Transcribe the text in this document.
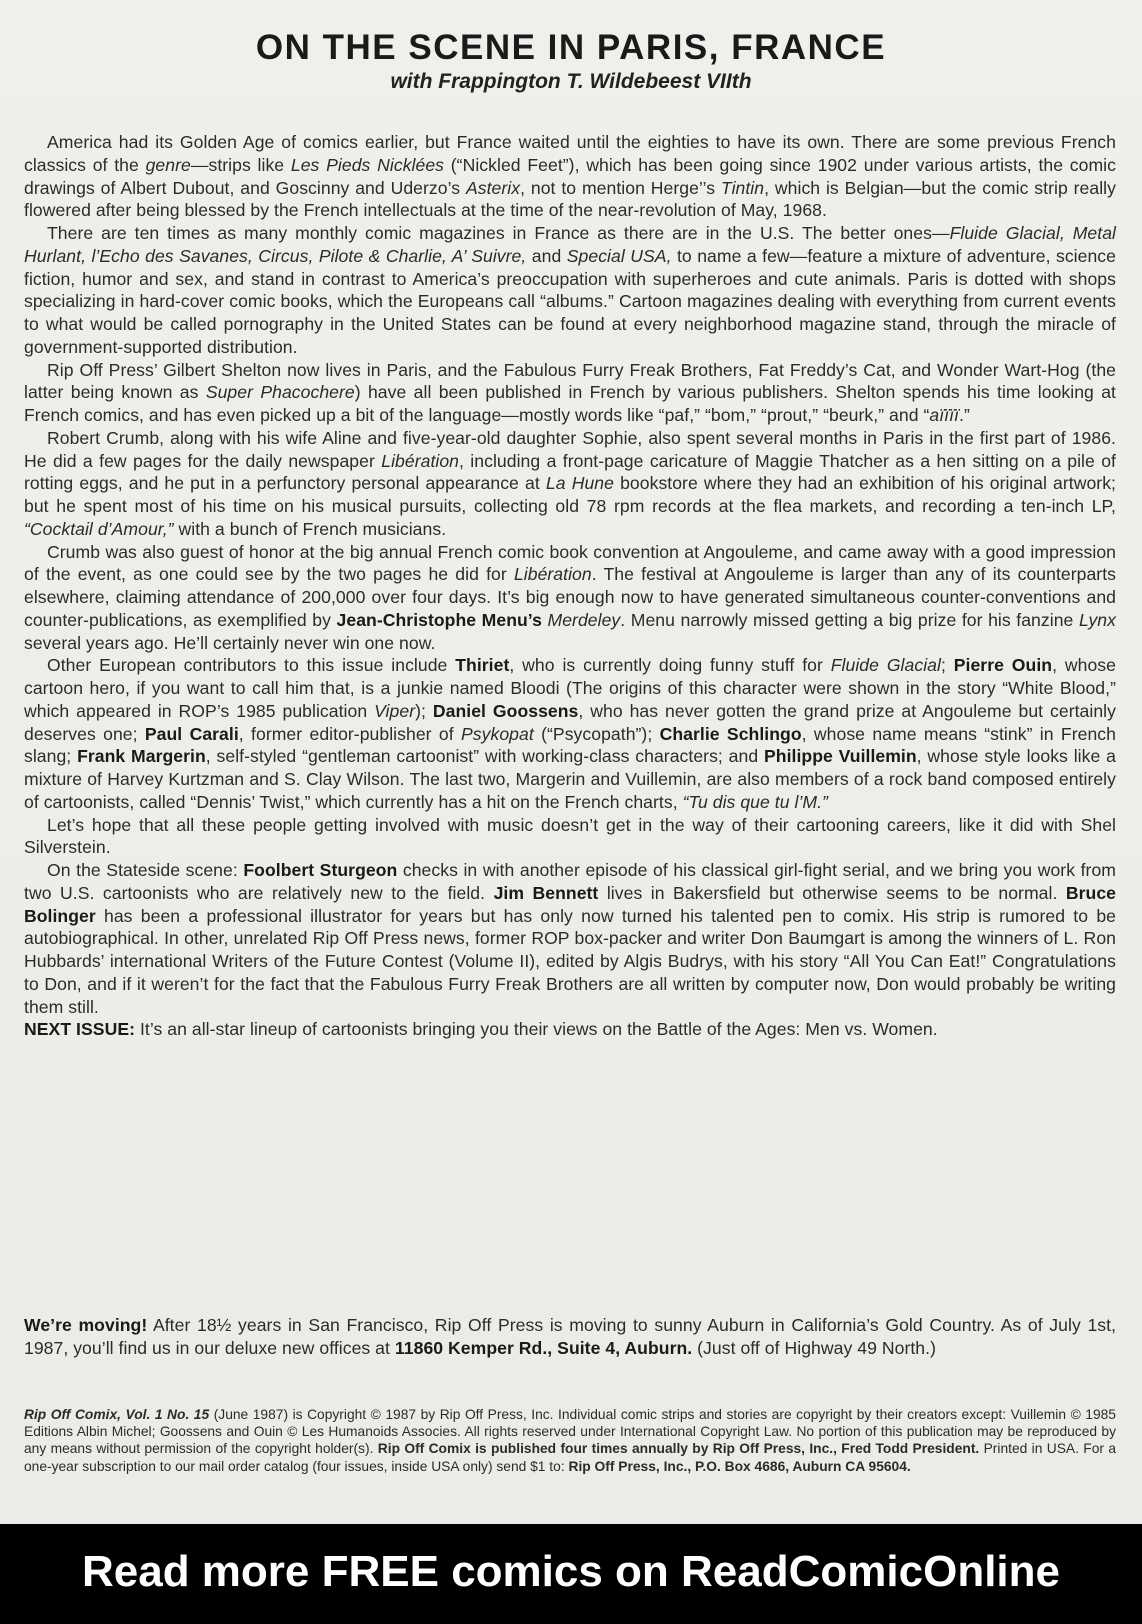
ON THE SCENE IN PARIS, FRANCE
with Frappington T. Wildebeest VIIth

America had its Golden Age of comics earlier, but France waited until the eighties to have its own. There are some previous French classics of the genre—strips like Les Pieds Nicklées (“Nickled Feet”), which has been going since 1902 under various artists, the comic drawings of Albert Dubout, and Goscinny and Uderzo’s Asterix, not to mention Herge’’s Tintin, which is Belgian—but the comic strip really flowered after being blessed by the French intellectuals at the time of the near-revolution of May, 1968.

There are ten times as many monthly comic magazines in France as there are in the U.S. The better ones—Fluide Glacial, Metal Hurlant, l’Echo des Savanes, Circus, Pilote & Charlie, A’ Suivre, and Special USA, to name a few—feature a mixture of adventure, science fiction, humor and sex, and stand in contrast to America’s preoccupation with superheroes and cute animals. Paris is dotted with shops specializing in hard-cover comic books, which the Europeans call “albums.” Cartoon magazines dealing with everything from current events to what would be called pornography in the United States can be found at every neighborhood magazine stand, through the miracle of government-supported distribution.

Rip Off Press’ Gilbert Shelton now lives in Paris, and the Fabulous Furry Freak Brothers, Fat Freddy’s Cat, and Wonder Wart-Hog (the latter being known as Super Phacochere) have all been published in French by various publishers. Shelton spends his time looking at French comics, and has even picked up a bit of the language—mostly words like “paf,” “bom,” “prout,” “beurk,” and “aïïïï.”

Robert Crumb, along with his wife Aline and five-year-old daughter Sophie, also spent several months in Paris in the first part of 1986. He did a few pages for the daily newspaper Libération, including a front-page caricature of Maggie Thatcher as a hen sitting on a pile of rotting eggs, and he put in a perfunctory personal appearance at La Hune bookstore where they had an exhibition of his original artwork; but he spent most of his time on his musical pursuits, collecting old 78 rpm records at the flea markets, and recording a ten-inch LP, “Cocktail d’Amour,” with a bunch of French musicians.

Crumb was also guest of honor at the big annual French comic book convention at Angouleme, and came away with a good impression of the event, as one could see by the two pages he did for Libération. The festival at Angouleme is larger than any of its counterparts elsewhere, claiming attendance of 200,000 over four days. It’s big enough now to have generated simultaneous counter-conventions and counter-publications, as exemplified by Jean-Christophe Menu’s Merdeley. Menu narrowly missed getting a big prize for his fanzine Lynx several years ago. He’ll certainly never win one now.

Other European contributors to this issue include Thiriet, who is currently doing funny stuff for Fluide Glacial; Pierre Ouin, whose cartoon hero, if you want to call him that, is a junkie named Bloodi (The origins of this character were shown in the story “White Blood,” which appeared in ROP’s 1985 publication Viper); Daniel Goossens, who has never gotten the grand prize at Angouleme but certainly deserves one; Paul Carali, former editor-publisher of Psykopat (“Psycopath”); Charlie Schlingo, whose name means “stink” in French slang; Frank Margerin, self-styled “gentleman cartoonist” with working-class characters; and Philippe Vuillemin, whose style looks like a mixture of Harvey Kurtzman and S. Clay Wilson. The last two, Margerin and Vuillemin, are also members of a rock band composed entirely of cartoonists, called “Dennis’ Twist,” which currently has a hit on the French charts, “Tu dis que tu l’M.”

Let’s hope that all these people getting involved with music doesn’t get in the way of their cartooning careers, like it did with Shel Silverstein.

On the Stateside scene: Foolbert Sturgeon checks in with another episode of his classical girl-fight serial, and we bring you work from two U.S. cartoonists who are relatively new to the field. Jim Bennett lives in Bakersfield but otherwise seems to be normal. Bruce Bolinger has been a professional illustrator for years but has only now turned his talented pen to comix. His strip is rumored to be autobiographical. In other, unrelated Rip Off Press news, former ROP box-packer and writer Don Baumgart is among the winners of L. Ron Hubbards’ international Writers of the Future Contest (Volume II), edited by Algis Budrys, with his story “All You Can Eat!” Congratulations to Don, and if it weren’t for the fact that the Fabulous Furry Freak Brothers are all written by computer now, Don would probably be writing them still.

NEXT ISSUE: It’s an all-star lineup of cartoonists bringing you their views on the Battle of the Ages: Men vs. Women.

We’re moving! After 18½ years in San Francisco, Rip Off Press is moving to sunny Auburn in California’s Gold Country. As of July 1st, 1987, you’ll find us in our deluxe new offices at 11860 Kemper Rd., Suite 4, Auburn. (Just off of Highway 49 North.)

Rip Off Comix, Vol. 1 No. 15 (June 1987) is Copyright © 1987 by Rip Off Press, Inc. Individual comic strips and stories are copyright by their creators except: Vuillemin © 1985 Editions Albin Michel; Goossens and Ouin © Les Humanoids Associes. All rights reserved under International Copyright Law. No portion of this publication may be reproduced by any means without permission of the copyright holder(s). Rip Off Comix is published four times annually by Rip Off Press, Inc., Fred Todd President. Printed in USA. For a one-year subscription to our mail order catalog (four issues, inside USA only) send $1 to: Rip Off Press, Inc., P.O. Box 4686, Auburn CA 95604.
Read more FREE comics on ReadComicOnline
